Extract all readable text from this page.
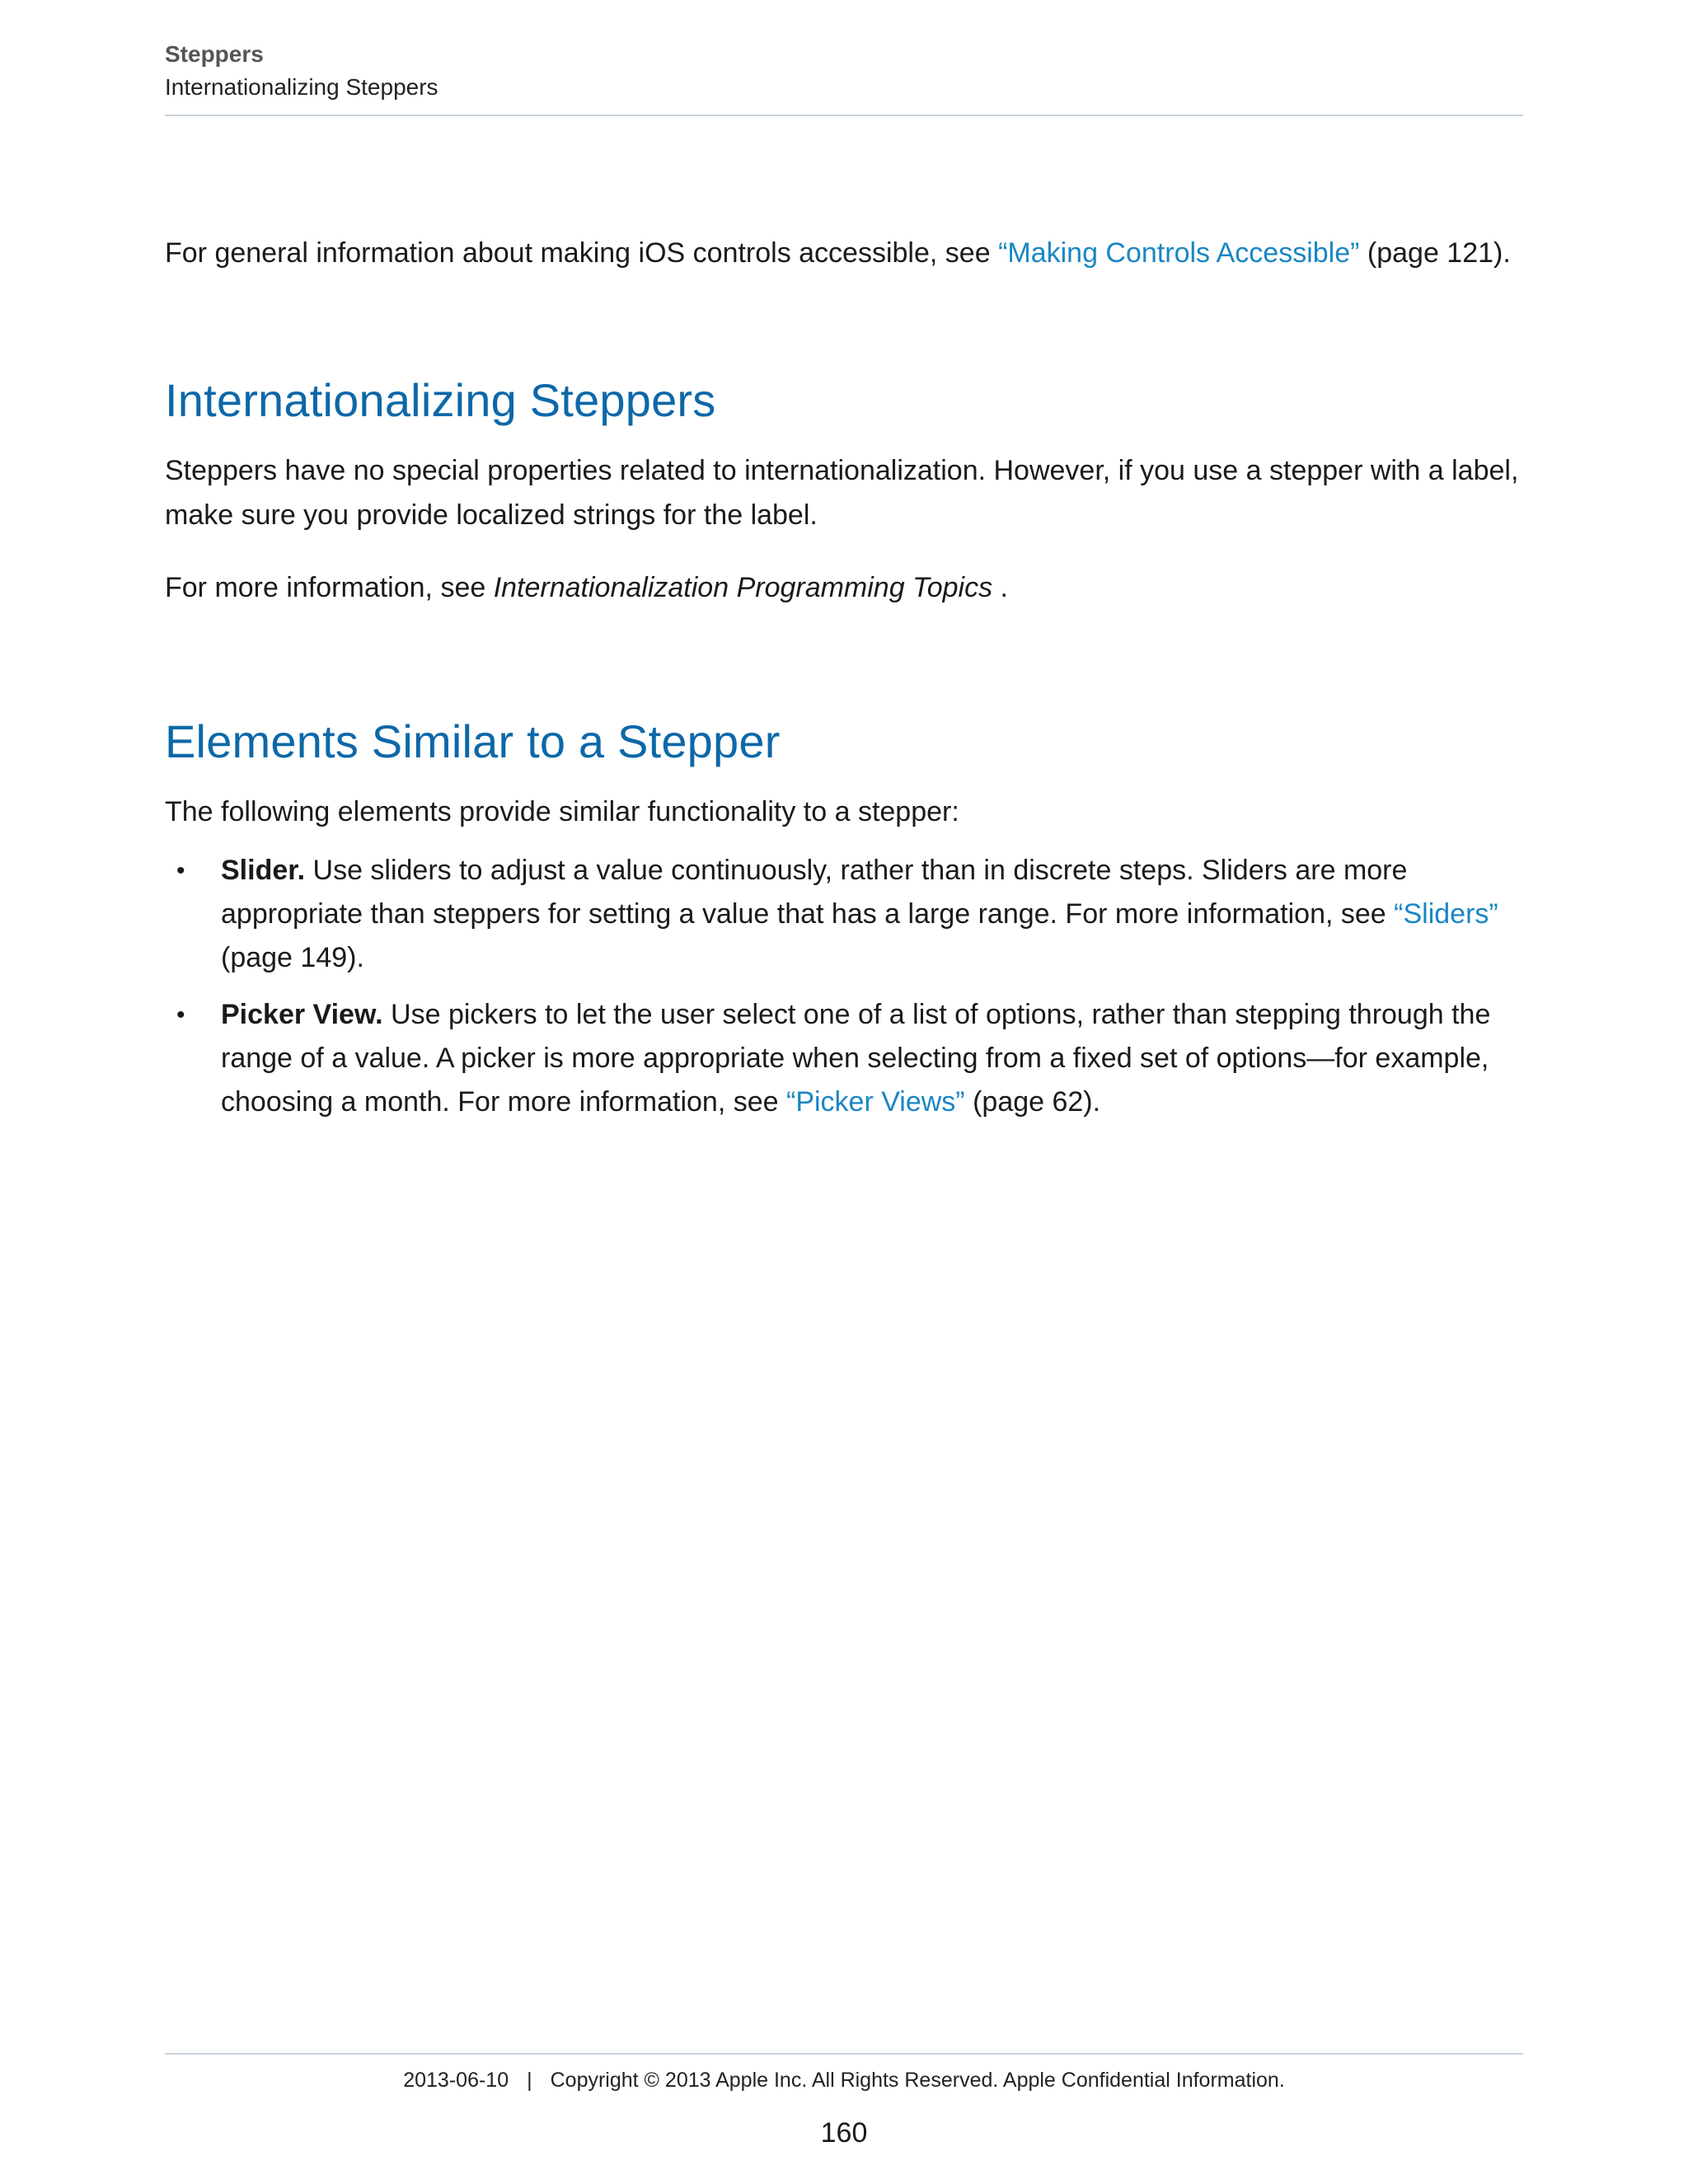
Steppers
Internationalizing Steppers

For general information about making iOS controls accessible, see “Making Controls Accessible” (page 121).

Internationalizing Steppers

Steppers have no special properties related to internationalization. However, if you use a stepper with a label, make sure you provide localized strings for the label.

For more information, see Internationalization Programming Topics .

Elements Similar to a Stepper

The following elements provide similar functionality to a stepper:

• Slider. Use sliders to adjust a value continuously, rather than in discrete steps. Sliders are more appropriate than steppers for setting a value that has a large range. For more information, see “Sliders” (page 149).
• Picker View. Use pickers to let the user select one of a list of options, rather than stepping through the range of a value. A picker is more appropriate when selecting from a fixed set of options—for example, choosing a month. For more information, see “Picker Views” (page 62).
2013-06-10 | Copyright © 2013 Apple Inc. All Rights Reserved. Apple Confidential Information.
160
